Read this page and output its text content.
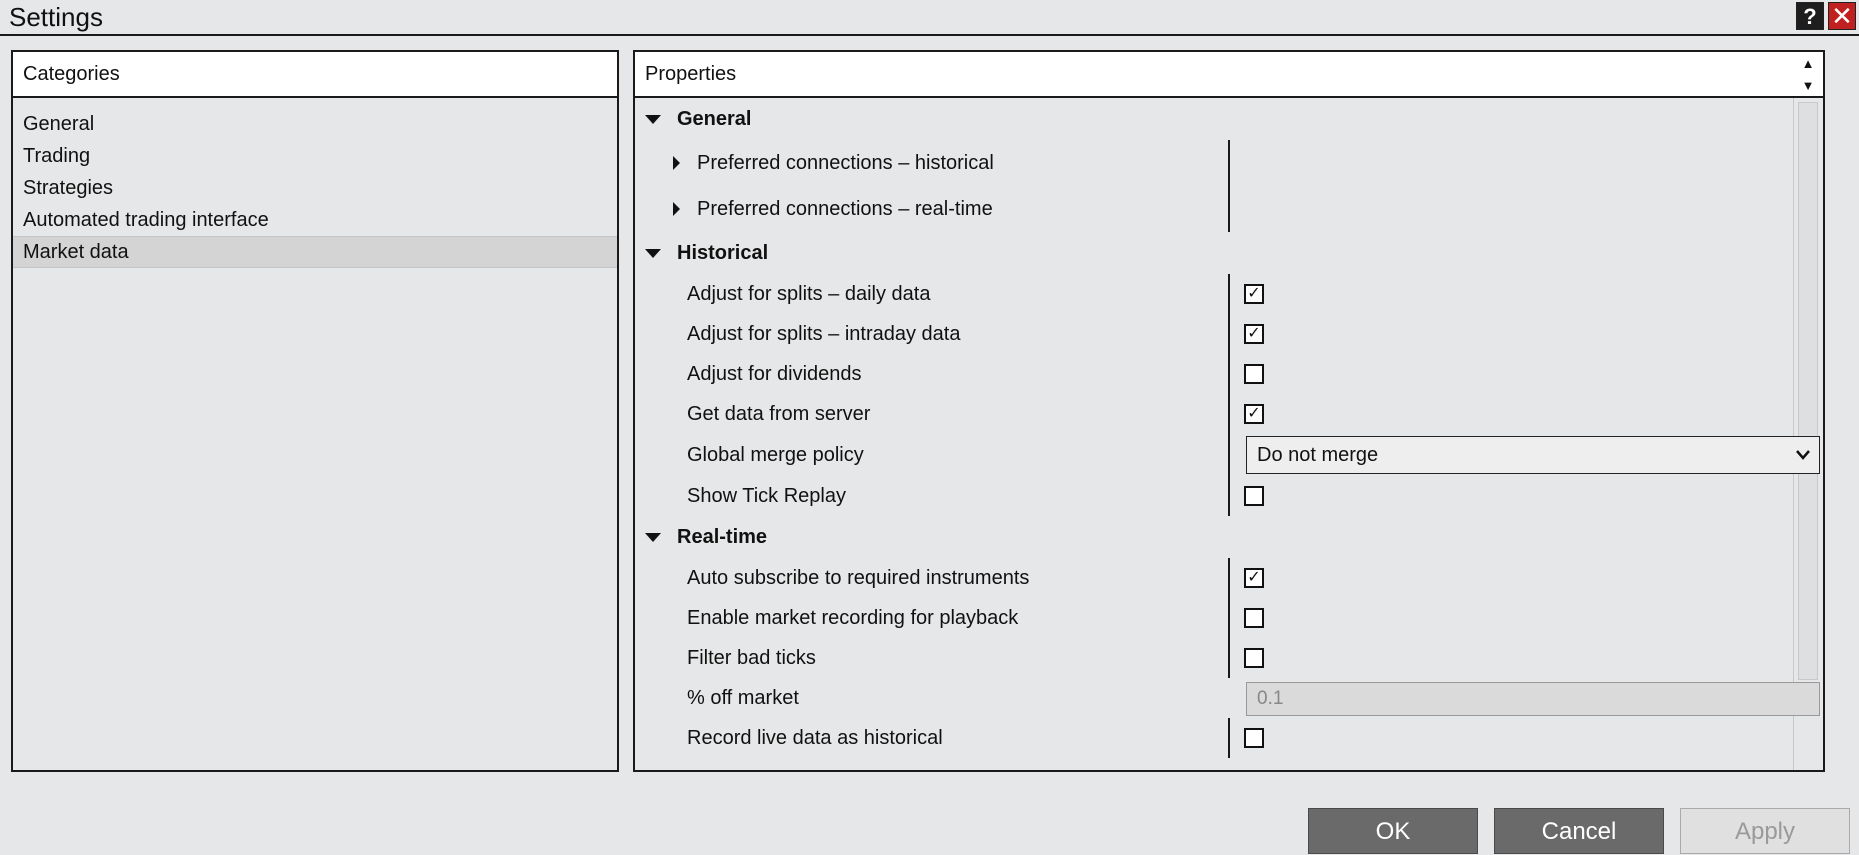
Settings	? ✕
Categories
General
Trading
Strategies
Automated trading interface
Market data
Properties	▲
▼
General
Preferred connections – historical
Preferred connections – real-time
Historical
Adjust for splits – daily data	✓
Adjust for splits – intraday data	✓
Adjust for dividends
Get data from server	✓
Global merge policy	Do not merge
Show Tick Replay
Real-time
Auto subscribe to required instruments	✓
Enable market recording for playback
Filter bad ticks
% off market	0.1
Record live data as historical
OK	Cancel	Apply
